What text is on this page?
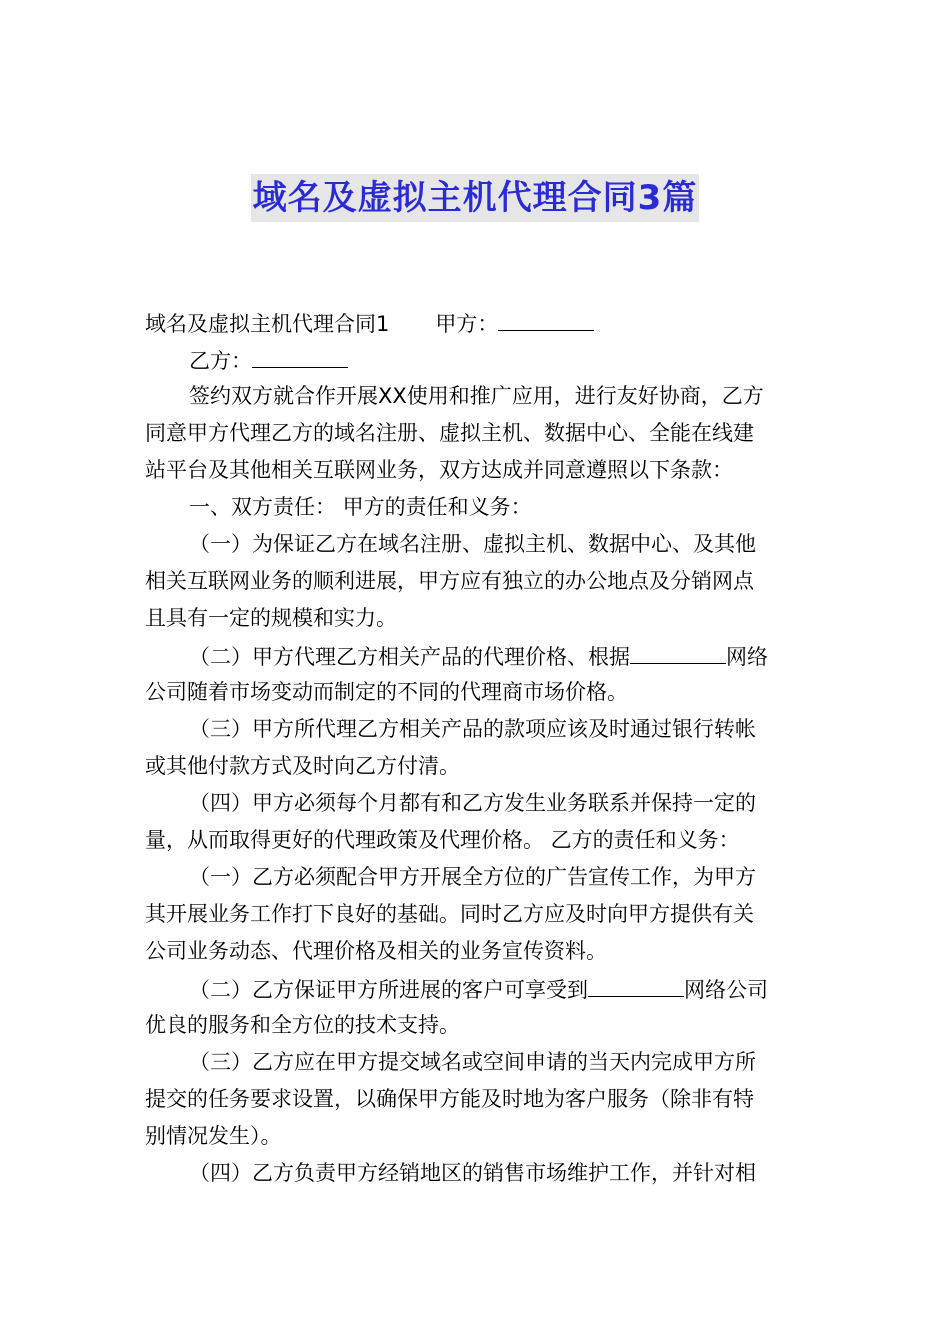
域名及虚拟主机代理合同3篇
域名及虚拟主机代理合同1 甲方：
乙方：
签约双方就合作开展XX使用和推广应用，进行友好协商，乙方
同意甲方代理乙方的域名注册、虚拟主机、数据中心、全能在线建
站平台及其他相关互联网业务，双方达成并同意遵照以下条款：
一、双方责任： 甲方的责任和义务：
（一）为保证乙方在域名注册、虚拟主机、数据中心、及其他
相关互联网业务的顺利进展，甲方应有独立的办公地点及分销网点
且具有一定的规模和实力。
（二）甲方代理乙方相关产品的代理价格、根据	网络
公司随着市场变动而制定的不同的代理商市场价格。
（三）甲方所代理乙方相关产品的款项应该及时通过银行转帐
或其他付款方式及时向乙方付清。
（四）甲方必须每个月都有和乙方发生业务联系并保持一定的
量，从而取得更好的代理政策及代理价格。 乙方的责任和义务：
（一）乙方必须配合甲方开展全方位的广告宣传工作，为甲方
其开展业务工作打下良好的基础。同时乙方应及时向甲方提供有关
公司业务动态、代理价格及相关的业务宣传资料。
（二）乙方保证甲方所进展的客户可享受到	网络公司
优良的服务和全方位的技术支持。
（三）乙方应在甲方提交域名或空间申请的当天内完成甲方所
提交的任务要求设置，以确保甲方能及时地为客户服务（除非有特
别情况发生）。
（四）乙方负责甲方经销地区的销售市场维护工作，并针对相
